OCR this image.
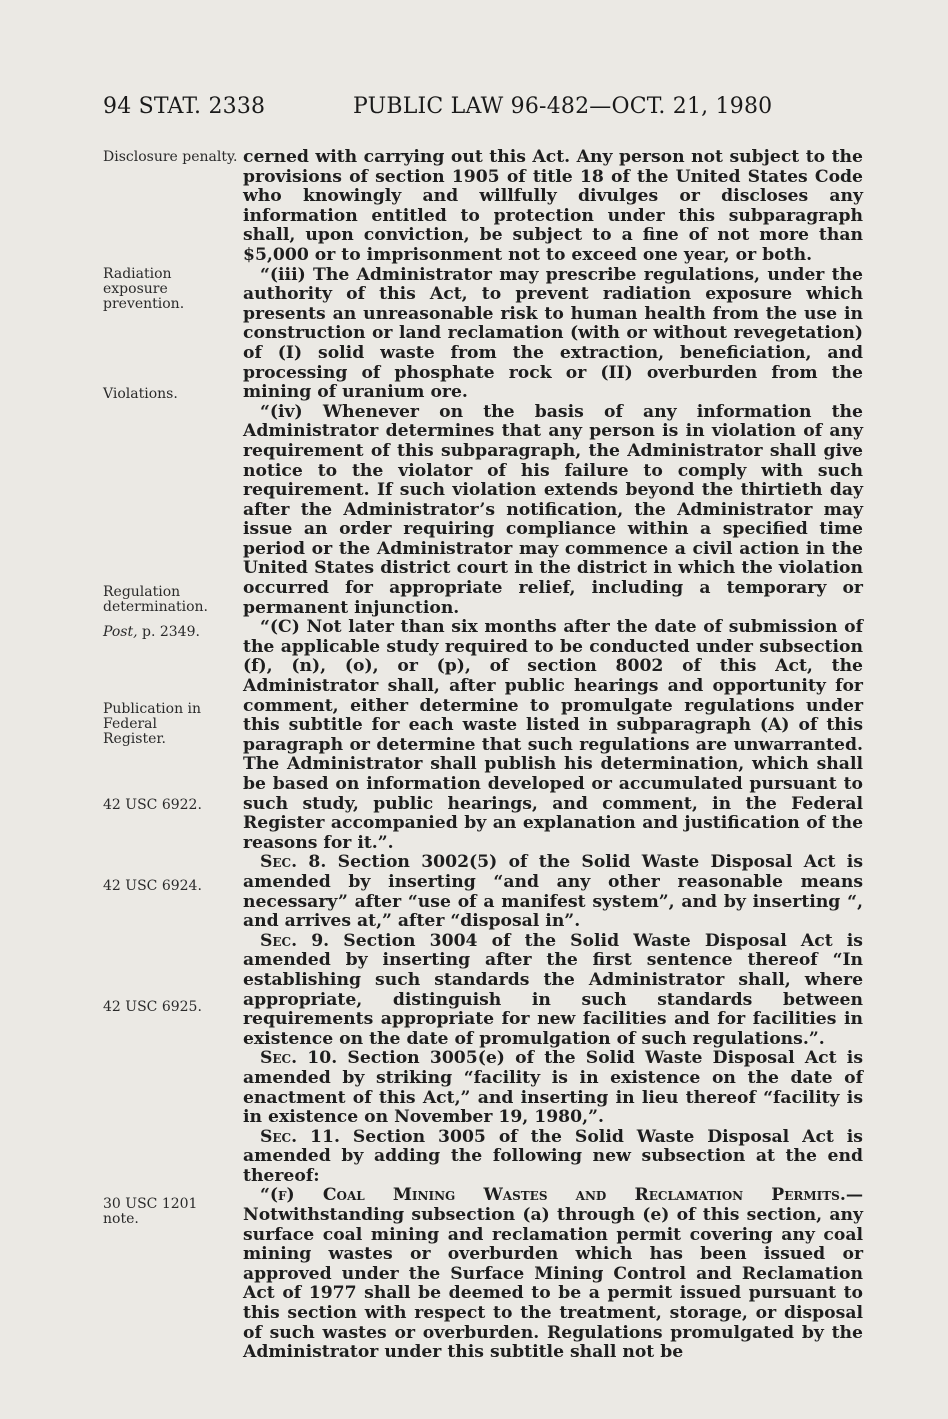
94 STAT. 2338	PUBLIC LAW 96-482—OCT. 21, 1980
Disclosure penalty.
Radiation exposure prevention.
Violations.
Regulation determination.
Post, p. 2349.
Publication in Federal Register.
42 USC 6922.
42 USC 6924.
42 USC 6925.
30 USC 1201 note.

cerned with carrying out this Act. Any person not subject to the provisions of section 1905 of title 18 of the United States Code who knowingly and willfully divulges or discloses any information entitled to protection under this subparagraph shall, upon conviction, be subject to a fine of not more than $5,000 or to imprisonment not to exceed one year, or both.

“(iii) The Administrator may prescribe regulations, under the authority of this Act, to prevent radiation exposure which presents an unreasonable risk to human health from the use in construction or land reclamation (with or without revegetation) of (I) solid waste from the extraction, beneficiation, and processing of phosphate rock or (II) overburden from the mining of uranium ore.

“(iv) Whenever on the basis of any information the Administrator determines that any person is in violation of any requirement of this subparagraph, the Administrator shall give notice to the violator of his failure to comply with such requirement. If such violation extends beyond the thirtieth day after the Administrator’s notification, the Administrator may issue an order requiring compliance within a specified time period or the Administrator may commence a civil action in the United States district court in the district in which the violation occurred for appropriate relief, including a temporary or permanent injunction.

“(C) Not later than six months after the date of submission of the applicable study required to be conducted under subsection (f), (n), (o), or (p), of section 8002 of this Act, the Administrator shall, after public hearings and opportunity for comment, either determine to promulgate regulations under this subtitle for each waste listed in subparagraph (A) of this paragraph or determine that such regulations are unwarranted. The Administrator shall publish his determination, which shall be based on information developed or accumulated pursuant to such study, public hearings, and comment, in the Federal Register accompanied by an explanation and justification of the reasons for it.”.

Sec. 8. Section 3002(5) of the Solid Waste Disposal Act is amended by inserting “and any other reasonable means necessary” after “use of a manifest system”, and by inserting “, and arrives at,” after “disposal in”.

Sec. 9. Section 3004 of the Solid Waste Disposal Act is amended by inserting after the first sentence thereof “In establishing such standards the Administrator shall, where appropriate, distinguish in such standards between requirements appropriate for new facilities and for facilities in existence on the date of promulgation of such regulations.”.

Sec. 10. Section 3005(e) of the Solid Waste Disposal Act is amended by striking “facility is in existence on the date of enactment of this Act,” and inserting in lieu thereof “facility is in existence on November 19, 1980,”.

Sec. 11. Section 3005 of the Solid Waste Disposal Act is amended by adding the following new subsection at the end thereof:

“(f) Coal Mining Wastes and Reclamation Permits.—Notwithstanding subsection (a) through (e) of this section, any surface coal mining and reclamation permit covering any coal mining wastes or overburden which has been issued or approved under the Surface Mining Control and Reclamation Act of 1977 shall be deemed to be a permit issued pursuant to this section with respect to the treatment, storage, or disposal of such wastes or overburden. Regulations promulgated by the Administrator under this subtitle shall not be
